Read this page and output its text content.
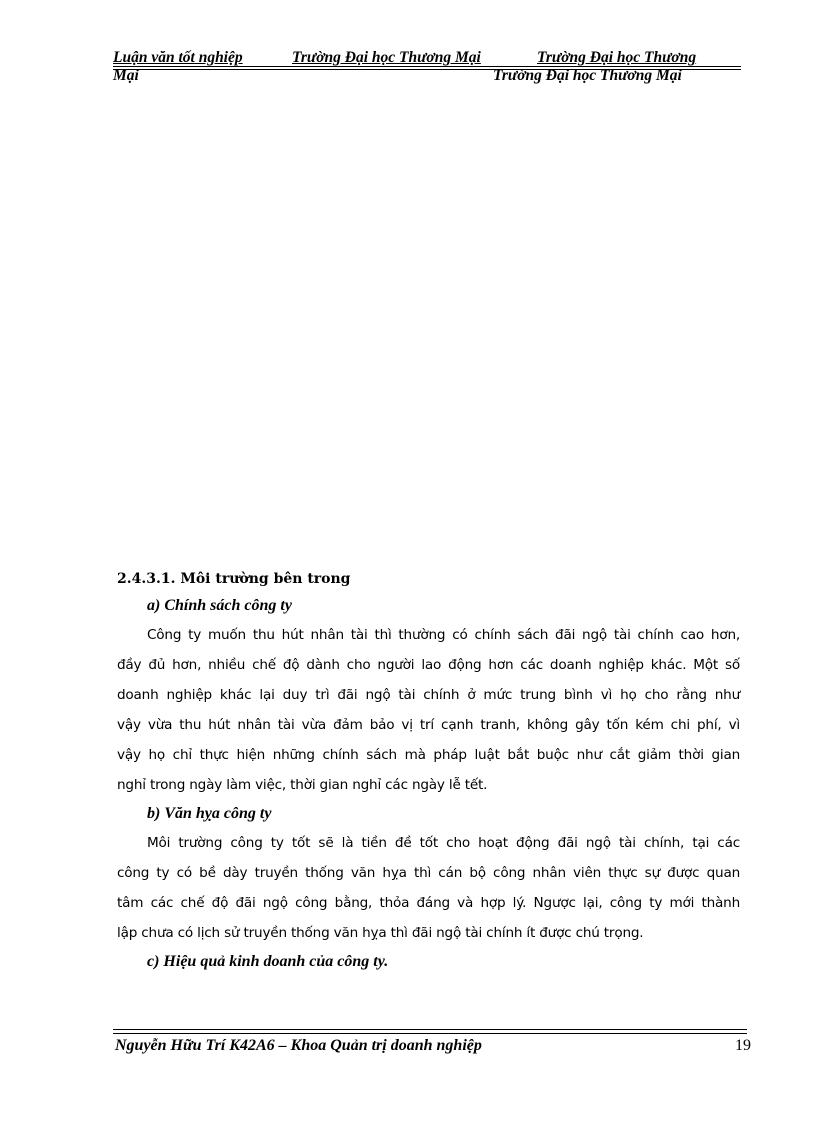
Luận văn tốt nghiệp	Trường Đại học Thương Mại	Trường Đại học Thương
Mại	Trường Đại học Thương Mại

2.4.3.1. Môi trường bên trong

a) Chính sách công ty

Công ty muốn thu hút nhân tài thì thường có chính sách đãi ngộ tài chính cao hơn,
đầy đủ hơn, nhiều chế độ dành cho người lao động hơn các doanh nghiệp khác. Một số
doanh nghiệp khác lại duy trì đãi ngộ tài chính ở mức trung bình vì họ cho rằng như
vậy vừa thu hút nhân tài vừa đảm bảo vị trí cạnh tranh, không gây tốn kém chi phí, vì
vậy họ chỉ thực hiện những chính sách mà pháp luật bắt buộc như cắt giảm thời gian
nghỉ trong ngày làm việc, thời gian nghỉ các ngày lễ tết.

b) Văn hỵa công ty

Môi trường công ty tốt sẽ là tiền đề tốt cho hoạt động đãi ngộ tài chính, tại các
công ty có bề dày truyền thống văn hỵa thì cán bộ công nhân viên thực sự được quan
tâm các chế độ đãi ngộ công bằng, thỏa đáng và hợp lý. Ngược lại, công ty mới thành
lập chưa có lịch sử truyền thống văn hỵa thì đãi ngộ tài chính ít được chú trọng.

c) Hiệu quả kinh doanh của công ty.

Nguyễn Hữu Trí K42A6 – Khoa Quản trị doanh nghiệp	19
